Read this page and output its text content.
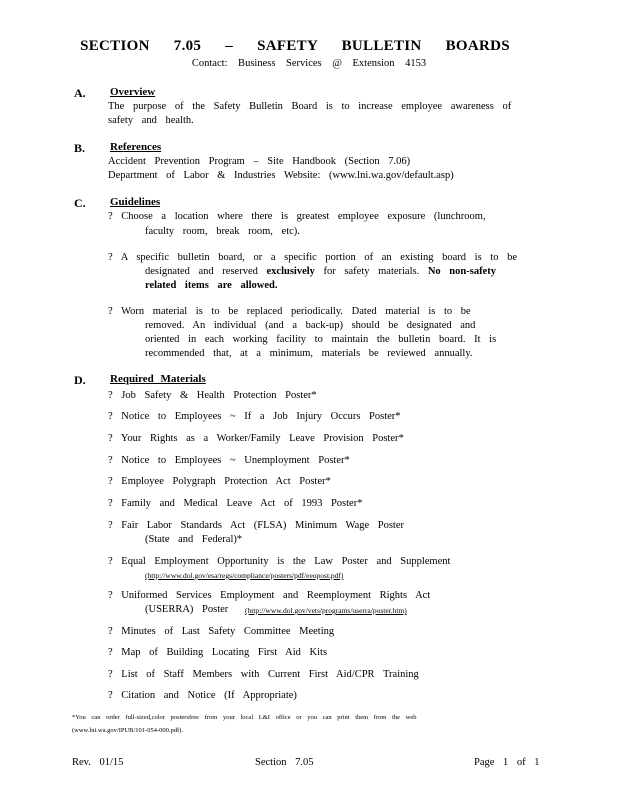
SECTION 7.05 – SAFETY BULLETIN BOARDS
Contact: Business Services @ Extension 4153
A. Overview
The purpose of the Safety Bulletin Board is to increase employee awareness of
safety and health.
B. References
Accident Prevention Program – Site Handbook (Section 7.06)
Department of Labor & Industries Website: (www.lni.wa.gov/default.asp)
C. Guidelines
? Choose a location where there is greatest employee exposure (lunchroom,
faculty room, break room, etc).
? A specific bulletin board, or a specific portion of an existing board is to be
designated and reserved exclusively for safety materials. No non-safety
related items are allowed.
? Worn material is to be replaced periodically. Dated material is to be
removed. An individual (and a back-up) should be designated and
oriented in each working facility to maintain the bulletin board. It is
recommended that, at a minimum, materials be reviewed annually.
D. Required Materials
? Job Safety & Health Protection Poster*
? Notice to Employees ~ If a Job Injury Occurs Poster*
? Your Rights as a Worker/Family Leave Provision Poster*
? Notice to Employees ~ Unemployment Poster*
? Employee Polygraph Protection Act Poster*
? Family and Medical Leave Act of 1993 Poster*
? Fair Labor Standards Act (FLSA) Minimum Wage Poster
(State and Federal)*
? Equal Employment Opportunity is the Law Poster and Supplement
(http://www.dol.gov/esa/regs/compliance/posters/pdf/eeopost.pdf)
? Uniformed Services Employment and Reemployment Rights Act
(USERRA) Poster (http://www.dol.gov/vets/programs/userra/poster.htm)
? Minutes of Last Safety Committee Meeting
? Map of Building Locating First Aid Kits
? List of Staff Members with Current First Aid/CPR Training
? Citation and Notice (If Appropriate)
*You can order full-sized,color postersfree from your local L&I office or you can print them from the web
(www.lni.wa.gov/IPUB/101-054-000.pdf).
Rev. 01/15	Section 7.05	Page 1 of 1
